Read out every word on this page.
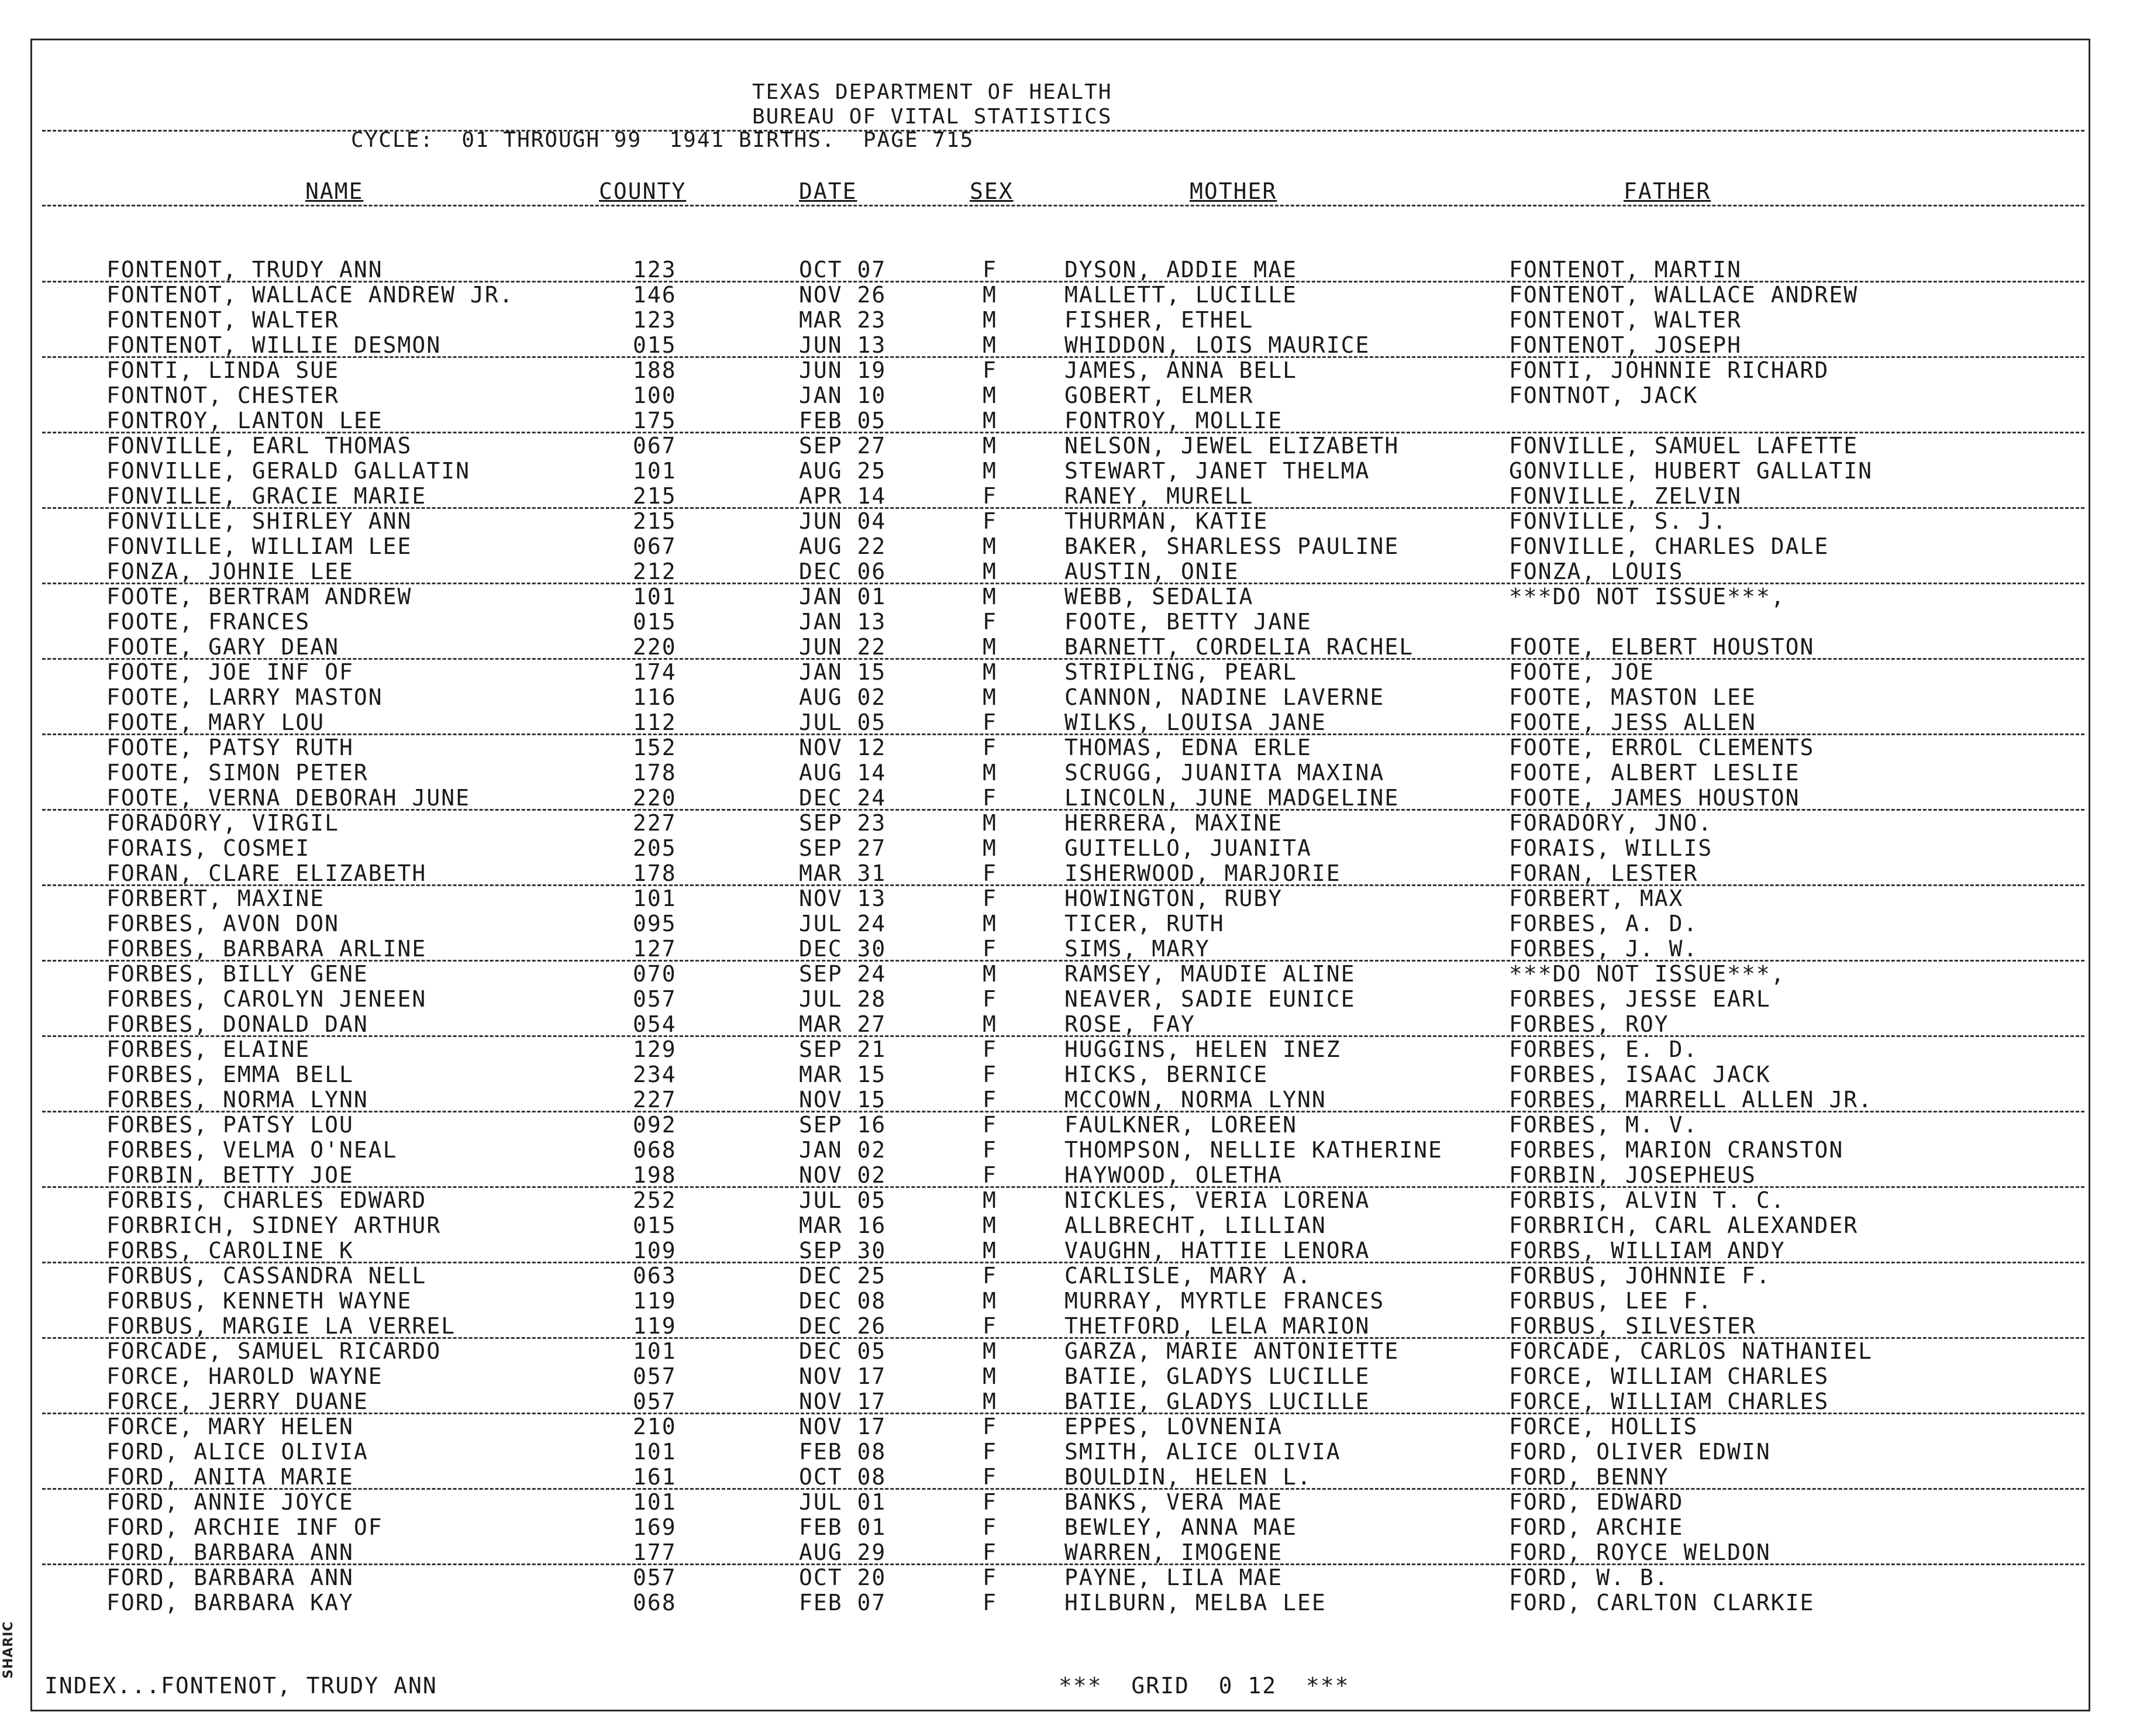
SHARIC
TEXAS DEPARTMENT OF HEALTH
BUREAU OF VITAL STATISTICS
CYCLE:  01 THROUGH 99  1941 BIRTHS.  PAGE 715
NAME	COUNTY	DATE	SEX	MOTHER	FATHER
FONTENOT, TRUDY ANN	123	OCT 07	F	DYSON, ADDIE MAE	FONTENOT, MARTIN
FONTENOT, WALLACE ANDREW JR.	146	NOV 26	M	MALLETT, LUCILLE	FONTENOT, WALLACE ANDREW
FONTENOT, WALTER	123	MAR 23	M	FISHER, ETHEL	FONTENOT, WALTER
FONTENOT, WILLIE DESMON	015	JUN 13	M	WHIDDON, LOIS MAURICE	FONTENOT, JOSEPH
FONTI, LINDA SUE	188	JUN 19	F	JAMES, ANNA BELL	FONTI, JOHNNIE RICHARD
FONTNOT, CHESTER	100	JAN 10	M	GOBERT, ELMER	FONTNOT, JACK
FONTROY, LANTON LEE	175	FEB 05	M	FONTROY, MOLLIE
FONVILLE, EARL THOMAS	067	SEP 27	M	NELSON, JEWEL ELIZABETH	FONVILLE, SAMUEL LAFETTE
FONVILLE, GERALD GALLATIN	101	AUG 25	M	STEWART, JANET THELMA	GONVILLE, HUBERT GALLATIN
FONVILLE, GRACIE MARIE	215	APR 14	F	RANEY, MURELL	FONVILLE, ZELVIN
FONVILLE, SHIRLEY ANN	215	JUN 04	F	THURMAN, KATIE	FONVILLE, S. J.
FONVILLE, WILLIAM LEE	067	AUG 22	M	BAKER, SHARLESS PAULINE	FONVILLE, CHARLES DALE
FONZA, JOHNIE LEE	212	DEC 06	M	AUSTIN, ONIE	FONZA, LOUIS
FOOTE, BERTRAM ANDREW	101	JAN 01	M	WEBB, SEDALIA	***DO NOT ISSUE***,
FOOTE, FRANCES	015	JAN 13	F	FOOTE, BETTY JANE
FOOTE, GARY DEAN	220	JUN 22	M	BARNETT, CORDELIA RACHEL	FOOTE, ELBERT HOUSTON
FOOTE, JOE INF OF	174	JAN 15	M	STRIPLING, PEARL	FOOTE, JOE
FOOTE, LARRY MASTON	116	AUG 02	M	CANNON, NADINE LAVERNE	FOOTE, MASTON LEE
FOOTE, MARY LOU	112	JUL 05	F	WILKS, LOUISA JANE	FOOTE, JESS ALLEN
FOOTE, PATSY RUTH	152	NOV 12	F	THOMAS, EDNA ERLE	FOOTE, ERROL CLEMENTS
FOOTE, SIMON PETER	178	AUG 14	M	SCRUGG, JUANITA MAXINA	FOOTE, ALBERT LESLIE
FOOTE, VERNA DEBORAH JUNE	220	DEC 24	F	LINCOLN, JUNE MADGELINE	FOOTE, JAMES HOUSTON
FORADORY, VIRGIL	227	SEP 23	M	HERRERA, MAXINE	FORADORY, JNO.
FORAIS, COSMEI	205	SEP 27	M	GUITELLO, JUANITA	FORAIS, WILLIS
FORAN, CLARE ELIZABETH	178	MAR 31	F	ISHERWOOD, MARJORIE	FORAN, LESTER
FORBERT, MAXINE	101	NOV 13	F	HOWINGTON, RUBY	FORBERT, MAX
FORBES, AVON DON	095	JUL 24	M	TICER, RUTH	FORBES, A. D.
FORBES, BARBARA ARLINE	127	DEC 30	F	SIMS, MARY	FORBES, J. W.
FORBES, BILLY GENE	070	SEP 24	M	RAMSEY, MAUDIE ALINE	***DO NOT ISSUE***,
FORBES, CAROLYN JENEEN	057	JUL 28	F	NEAVER, SADIE EUNICE	FORBES, JESSE EARL
FORBES, DONALD DAN	054	MAR 27	M	ROSE, FAY	FORBES, ROY
FORBES, ELAINE	129	SEP 21	F	HUGGINS, HELEN INEZ	FORBES, E. D.
FORBES, EMMA BELL	234	MAR 15	F	HICKS, BERNICE	FORBES, ISAAC JACK
FORBES, NORMA LYNN	227	NOV 15	F	MCCOWN, NORMA LYNN	FORBES, MARRELL ALLEN JR.
FORBES, PATSY LOU	092	SEP 16	F	FAULKNER, LOREEN	FORBES, M. V.
FORBES, VELMA O'NEAL	068	JAN 02	F	THOMPSON, NELLIE KATHERINE	FORBES, MARION CRANSTON
FORBIN, BETTY JOE	198	NOV 02	F	HAYWOOD, OLETHA	FORBIN, JOSEPHEUS
FORBIS, CHARLES EDWARD	252	JUL 05	M	NICKLES, VERIA LORENA	FORBIS, ALVIN T. C.
FORBRICH, SIDNEY ARTHUR	015	MAR 16	M	ALLBRECHT, LILLIAN	FORBRICH, CARL ALEXANDER
FORBS, CAROLINE K	109	SEP 30	M	VAUGHN, HATTIE LENORA	FORBS, WILLIAM ANDY
FORBUS, CASSANDRA NELL	063	DEC 25	F	CARLISLE, MARY A.	FORBUS, JOHNNIE F.
FORBUS, KENNETH WAYNE	119	DEC 08	M	MURRAY, MYRTLE FRANCES	FORBUS, LEE F.
FORBUS, MARGIE LA VERREL	119	DEC 26	F	THETFORD, LELA MARION	FORBUS, SILVESTER
FORCADE, SAMUEL RICARDO	101	DEC 05	M	GARZA, MARIE ANTONIETTE	FORCADE, CARLOS NATHANIEL
FORCE, HAROLD WAYNE	057	NOV 17	M	BATIE, GLADYS LUCILLE	FORCE, WILLIAM CHARLES
FORCE, JERRY DUANE	057	NOV 17	M	BATIE, GLADYS LUCILLE	FORCE, WILLIAM CHARLES
FORCE, MARY HELEN	210	NOV 17	F	EPPES, LOVNENIA	FORCE, HOLLIS
FORD, ALICE OLIVIA	101	FEB 08	F	SMITH, ALICE OLIVIA	FORD, OLIVER EDWIN
FORD, ANITA MARIE	161	OCT 08	F	BOULDIN, HELEN L.	FORD, BENNY
FORD, ANNIE JOYCE	101	JUL 01	F	BANKS, VERA MAE	FORD, EDWARD
FORD, ARCHIE INF OF	169	FEB 01	F	BEWLEY, ANNA MAE	FORD, ARCHIE
FORD, BARBARA ANN	177	AUG 29	F	WARREN, IMOGENE	FORD, ROYCE WELDON
FORD, BARBARA ANN	057	OCT 20	F	PAYNE, LILA MAE	FORD, W. B.
FORD, BARBARA KAY	068	FEB 07	F	HILBURN, MELBA LEE	FORD, CARLTON CLARKIE
INDEX...FONTENOT, TRUDY ANN	***  GRID  0 12  ***
